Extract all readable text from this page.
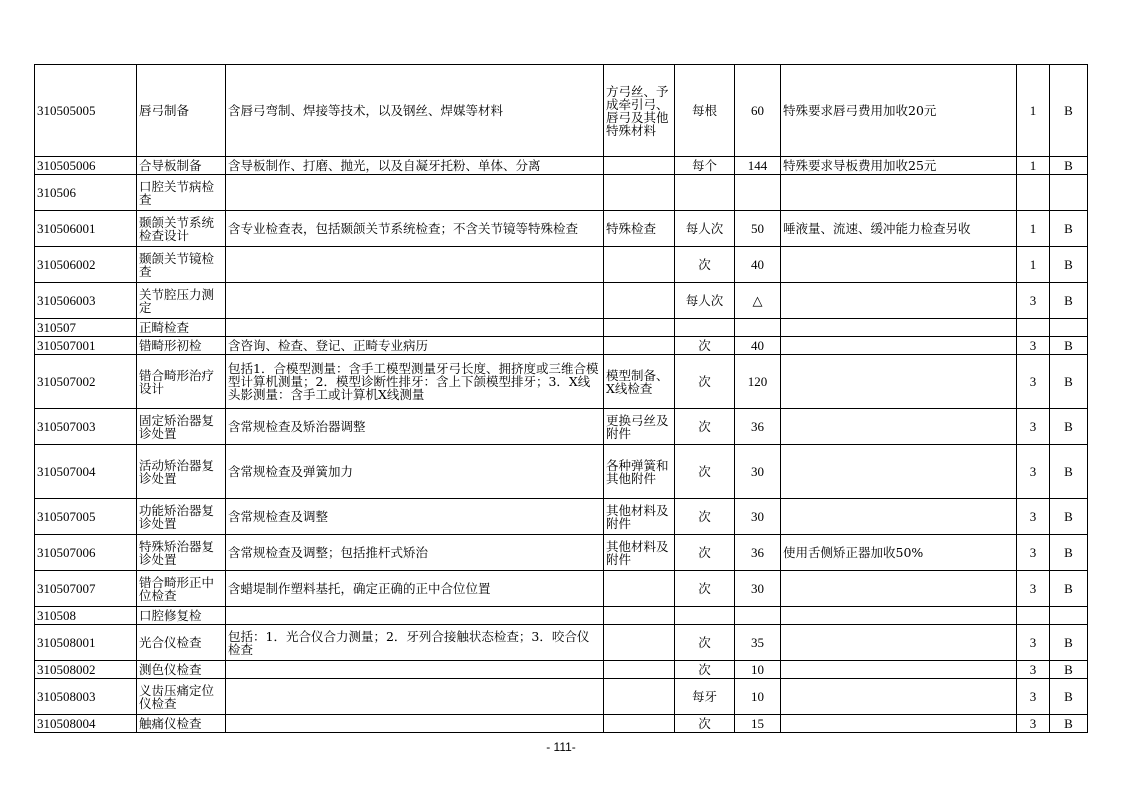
310505005	唇弓制备	含唇弓弯制、焊接等技术，以及钢丝、焊媒等材料	方弓丝、予成牵引弓、唇弓及其他特殊材料	每根	60	特殊要求唇弓费用加收20元	1	B
310505006	合导板制备	含导板制作、打磨、抛光，以及自凝牙托粉、单体、分离		每个	144	特殊要求导板费用加收25元	1	B
310506	口腔关节病检查							
310506001	颞颌关节系统检查设计	含专业检查表，包括颞颌关节系统检查；不含关节镜等特殊检查	特殊检查	每人次	50	唾液量、流速、缓冲能力检查另收	1	B
310506002	颞颌关节镜检查			次	40		1	B
310506003	关节腔压力测定			每人次	△		3	B
310507	正畸检查							
310507001	错畸形初检	含咨询、检查、登记、正畸专业病历		次	40		3	B
310507002	错合畸形治疗设计	包括1．合模型测量：含手工模型测量牙弓长度、拥挤度或三维合模型计算机测量；2．模型诊断性排牙：含上下颌模型排牙；3．X线头影测量：含手工或计算机X线测量	模型制备、X线检查	次	120		3	B
310507003	固定矫治器复诊处置	含常规检查及矫治器调整	更换弓丝及附件	次	36		3	B
310507004	活动矫治器复诊处置	含常规检查及弹簧加力	各种弹簧和其他附件	次	30		3	B
310507005	功能矫治器复诊处置	含常规检查及调整	其他材料及附件	次	30		3	B
310507006	特殊矫治器复诊处置	含常规检查及调整；包括推杆式矫治	其他材料及附件	次	36	使用舌侧矫正器加收50%	3	B
310507007	错合畸形正中位检查	含蜡堤制作塑料基托，确定正确的正中合位位置		次	30		3	B
310508	口腔修复检							
310508001	光合仪检查	包括：1．光合仪合力测量；2．牙列合接触状态检查；3．咬合仪检查		次	35		3	B
310508002	测色仪检查			次	10		3	B
310508003	义齿压痛定位仪检查			每牙	10		3	B
310508004	触痛仪检查			次	15		3	B
- 111-
